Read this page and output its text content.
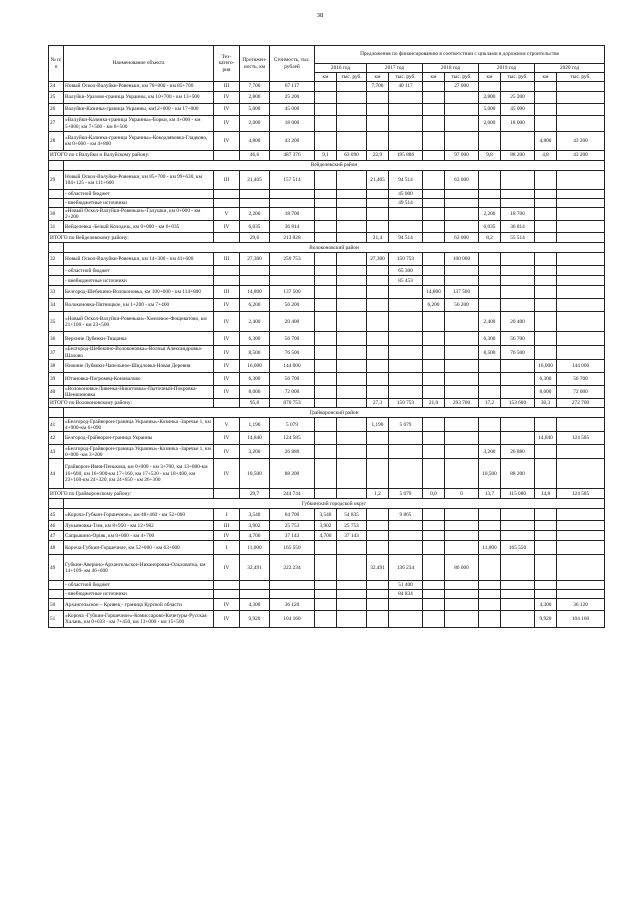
38
№ п/п	Наименование объекта	Тех- катего- рия	Протяжен- ность, км	Стоимость, тыс. рублей	Предложения по финансированию в соответствии с циклами в дорожном строительстве									
					2016 год		2017 год		2018 год		2019 год		2020 год	
					км	тыс. руб.	км	тыс. руб.	км	тыс. руб.	км	тыс. руб.	км	тыс. руб.
24	Новый Оскол-Валуйки-Ровеньки, км 78+000 - км 85+700	III	7,700	67 117			7,700	40 117		27 000				
25	Валуйки-Уразово-граница Украины, км 10+700 - км 13+500	IV	2,800	25 200							2,800	25 200		
26	Валуйки-Казинка-граница Украины, км12+000 - км 17+000	IV	5,000	45 000							5,000	45 000		
27	«Валуйки-Казинка-граница Украины»-Борки, км 4+000 - км 5+000; км 7+500 - км 8+500	IV	2,000	18 000							2,000	18 000		
28	«Валуйки-Казинка-граница Украины»-Кокодлявовка-Гладково, км 0+000 - км 4+800	IV	4,800	43 200									4,800	43 200
ИТОГО по г.Валуйки и Валуйскому району:			46,6	487 376	9,1	63 090	22,9	195 886		97 000	9,8	88 200	4,8	43 200
	Вейделевский район													
29	Новый Оскол-Валуйки-Ровеньки, км 85+700 - км 99+630, км 104+125 - км 111+600	III	21,405	157 514			21,405	94 514		63 000				
	- областной бюджет							45 000						
	- внебюджетные источники							49 514						
30	«Новый Оскол-Валуйки-Ровеньки»-Галушки, км 0+000 - км 2+200	V	2,200	18 700							2,200	18 700		
31	Вейделевка -Белый Колодезь, км 0+000 - км 6+035	IV	6,035	36 814							6,035	36 814		
ИТОГО по Вейделевскому району:			29,6	213 028			21,4	94 514		63 000	8,2	55 514		
	Волоконовский район													
32	Новый Оскол-Валуйки-Ровеньки, км 14+300 - км 41+600	III	27,300	250 753			27,300	150 753		100 000				
	- областной бюджет							65 300						
	- внебюджетные источники							85 453						
33	Белгород-Шебекино-Волоконовка, км 100+000 - км 114+800	III	14,800	137 500					14,800	137 500				
34	Волоконовка-Пятницкое, км 1+200 - км 7+400	IV	6,200	56 200					6,200	56 200				
35	«Новый Оскол-Валуйки-Ровеньки»-Хмелевое-Фощеватово, км 21+100 - км 23+500	IV	2,400	20 400							2,400	20 400		
36	Верхние Лубянки-Тищанка	IV	6,300	56 700							6,300	56 700		
37	«Белгород-Шебекино-Волоконовка»-Волчья Александровка-Шахово	IV	8,500	76 500							8,500	76 500		
38	Нижние Лубянки-Чапельное-Шидловка-Новая Деревня	IV	16,000	144 000									16,000	144 000
39	Ютановка-Погромец-Коновалово	IV	6,300	56 700									6,300	56 700
40	«Волоконовка-Ливенка-Никитовка»-Пыточный-Покровка-Шеншиновка	IV	8,000	72 000									8,000	72 000
ИТОГО по Волоконовскому району:			95,8	870 753			27,3	150 753	21,0	293 700	17,2	153 600	30,3	272 700
	Грайворонский район													
41	«Белгород-Грайворон-граница Украины»-Козинка -Заречье 1, км 4+900-км 6+090	V	1,190	5 079			1,190	5 079						
42	Белгород-Грайворон-граница Украины	IV	14,840	124 585									14,840	124 585
43	«Белгород-Грайворон-граница Украины»-Козинка -Заречье 1, км 0+000 -км 3+200	IV	3,200	26 880							3,200	26 880		
44	Грайворон-Ивня-Пенькова, км 0+000 - км 3+700, км 13+800-км 16+600, км 16+900-км 17+160, км 17+530 - км 18+400, км 23+100-км 24+320, км 24+650 - км 26+300	IV	10,500	88 200							10,500	88 200		
ИТОГО по Грайворонскому району:			29,7	244 744			1,2	5 079	0,0	0	13,7	115 080	14,8	124 585
	Губкинский городской округ													
45	«Короча-Губкин-Горшечное», км 48+460 - км 52+000	I	3,540	64 700	3,540	54 835		9 865						
46	Лукьяновка-Тим, км 8+950 - км 12+982	III	3,902	25 753	3,902	25 753								
47	Сапрыкино-Оріяк, км 0+000 - км 4+700	IV	4,700	37 143	4,700	37 143								
48	Короча-Губкин-Горшечное, км 52+000 - км 63+000	I	11,000	165 550							11,000	165 550		
49	Губкин-Аверино-Архангельское-Никаноровка-Ольховатка, км 14+109- км 46+600	IV	32,491	222 234			32,491	136 234		86 000				
	- областной бюджет							51 400						
	- внебюджетные источники							84 834						
50	Архангельское – Кривец - граница Курской области	IV	4,300	36 120									4,300	36 120
51	«Короча -Губкин-Горшечное»-Комиссарово-Кочетуры-Русская Халань, км 0+033 - км 7+450, км 13+000 - км 15+500	IV	9,920	104 160									9,920	104 160
